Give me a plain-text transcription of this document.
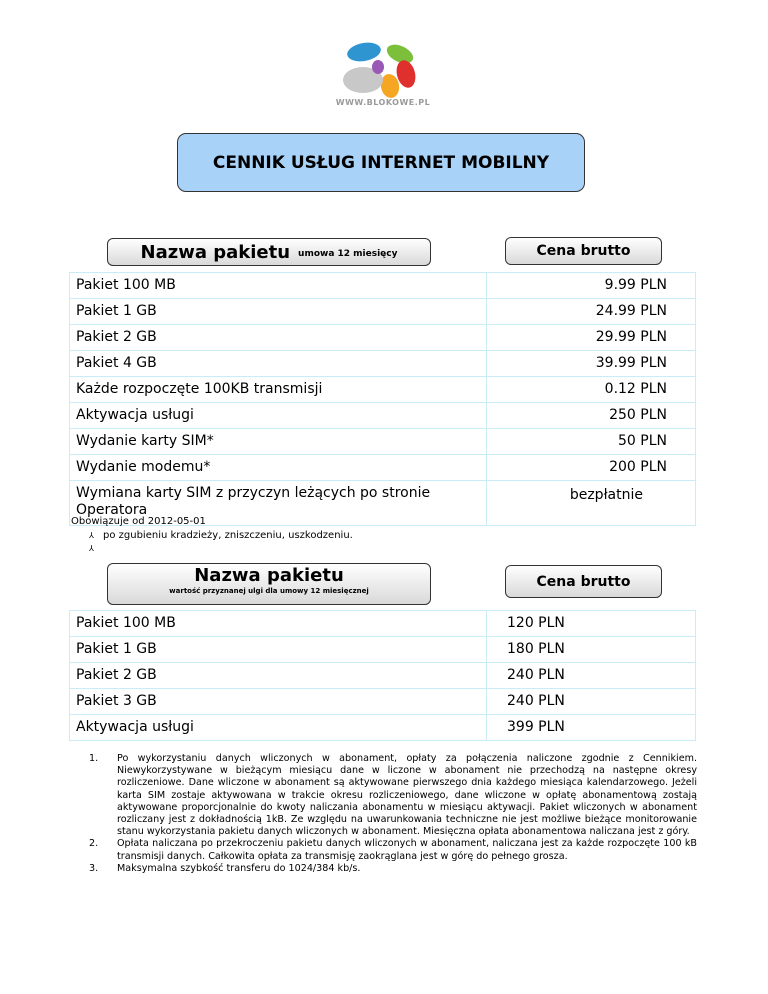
WWW.BLOKOWE.PL
CENNIK USŁUG INTERNET MOBILNY
Nazwa pakietu umowa 12 miesięcy	Cena brutto
Pakiet 100 MB	9.99 PLN
Pakiet 1 GB	24.99 PLN
Pakiet 2 GB	29.99 PLN
Pakiet 4 GB	39.99 PLN
Każde rozpoczęte 100KB transmisji	0.12 PLN
Aktywacja usługi	250 PLN
Wydanie karty SIM*	50 PLN
Wydanie modemu*	200 PLN
Wymiana karty SIM z przyczyn leżących po stronie Operatora	bezpłatnie
Obowiązuje od 2012-05-01
⅄ po zgubieniu kradzieży, zniszczeniu, uszkodzeniu.
⅄
Nazwa pakietu
wartość przyznanej ulgi dla umowy 12 miesięcznej
Cena brutto
Pakiet 100 MB	120 PLN
Pakiet 1 GB	180 PLN
Pakiet 2 GB	240 PLN
Pakiet 3 GB	240 PLN
Aktywacja usługi	399 PLN
1. Po wykorzystaniu danych wliczonych w abonament, opłaty za połączenia naliczone zgodnie z Cennikiem. Niewykorzystywane w bieżącym miesiącu dane w liczone w abonament nie przechodzą na następne okresy rozliczeniowe. Dane wliczone w abonament są aktywowane pierwszego dnia każdego miesiąca kalendarzowego. Jeżeli karta SIM zostaje aktywowana w trakcie okresu rozliczeniowego, dane wliczone w opłatę abonamentową zostają aktywowane proporcjonalnie do kwoty naliczania abonamentu w miesiącu aktywacji. Pakiet wliczonych w abonament rozliczany jest z dokładnością 1kB. Ze względu na uwarunkowania techniczne nie jest możliwe bieżące monitorowanie stanu wykorzystania pakietu danych wliczonych w abonament. Miesięczna opłata abonamentowa naliczana jest z góry.
2. Opłata naliczana po przekroczeniu pakietu danych wliczonych w abonament, naliczana jest za każde rozpoczęte 100 kB transmisji danych. Całkowita opłata za transmisję zaokrąglana jest w górę do pełnego grosza.
3. Maksymalna szybkość transferu do 1024/384 kb/s.
